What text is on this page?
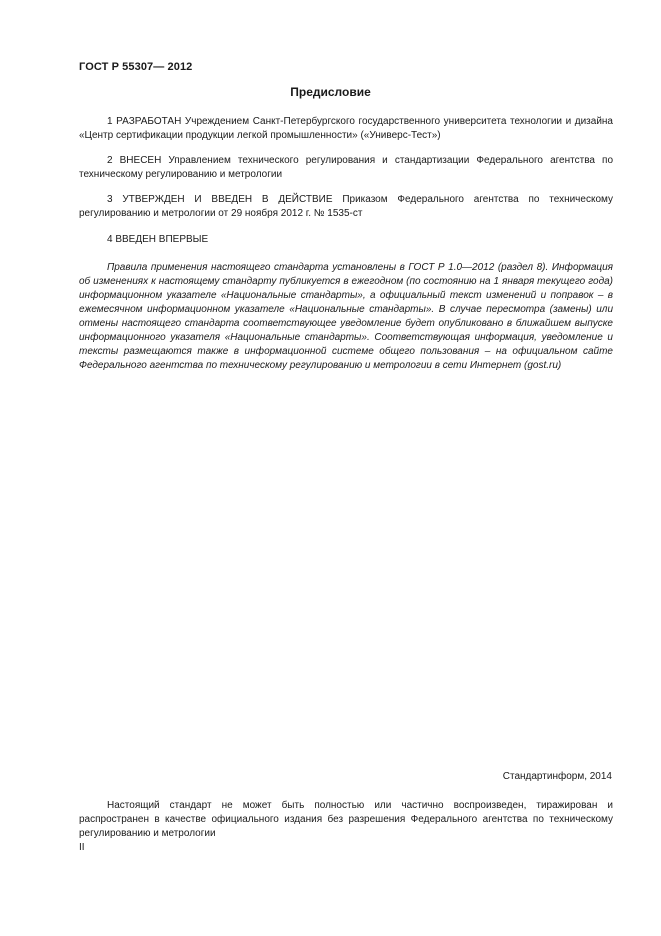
ГОСТ Р 55307— 2012
Предисловие
1 РАЗРАБОТАН Учреждением Санкт-Петербургского государственного университета технологии и дизайна «Центр сертификации продукции легкой промышленности» («Универс-Тест»)
2 ВНЕСЕН Управлением технического регулирования и стандартизации Федерального агентства по техническому регулированию и метрологии
3 УТВЕРЖДЕН И ВВЕДЕН В ДЕЙСТВИЕ Приказом Федерального агентства по техническому регулированию и метрологии от 29 ноября 2012 г. № 1535-ст
4 ВВЕДЕН ВПЕРВЫЕ
Правила применения настоящего стандарта установлены в ГОСТ Р 1.0—2012 (раздел 8). Информация об изменениях к настоящему стандарту публикуется в ежегодном (по состоянию на 1 января текущего года) информационном указателе «Национальные стандарты», а официальный текст изменений и поправок – в ежемесячном информационном указателе «Национальные стандарты». В случае пересмотра (замены) или отмены настоящего стандарта соответствующее уведомление будет опубликовано в ближайшем выпуске информационного указателя «Национальные стандарты». Соответствующая информация, уведомление и тексты размещаются также в информационной системе общего пользования – на официальном сайте Федерального агентства по техническому регулированию и метрологии в сети Интернет (gost.ru)
Стандартинформ, 2014
Настоящий стандарт не может быть полностью или частично воспроизведен, тиражирован и распространен в качестве официального издания без разрешения Федерального агентства по техническому регулированию и метрологии
II
